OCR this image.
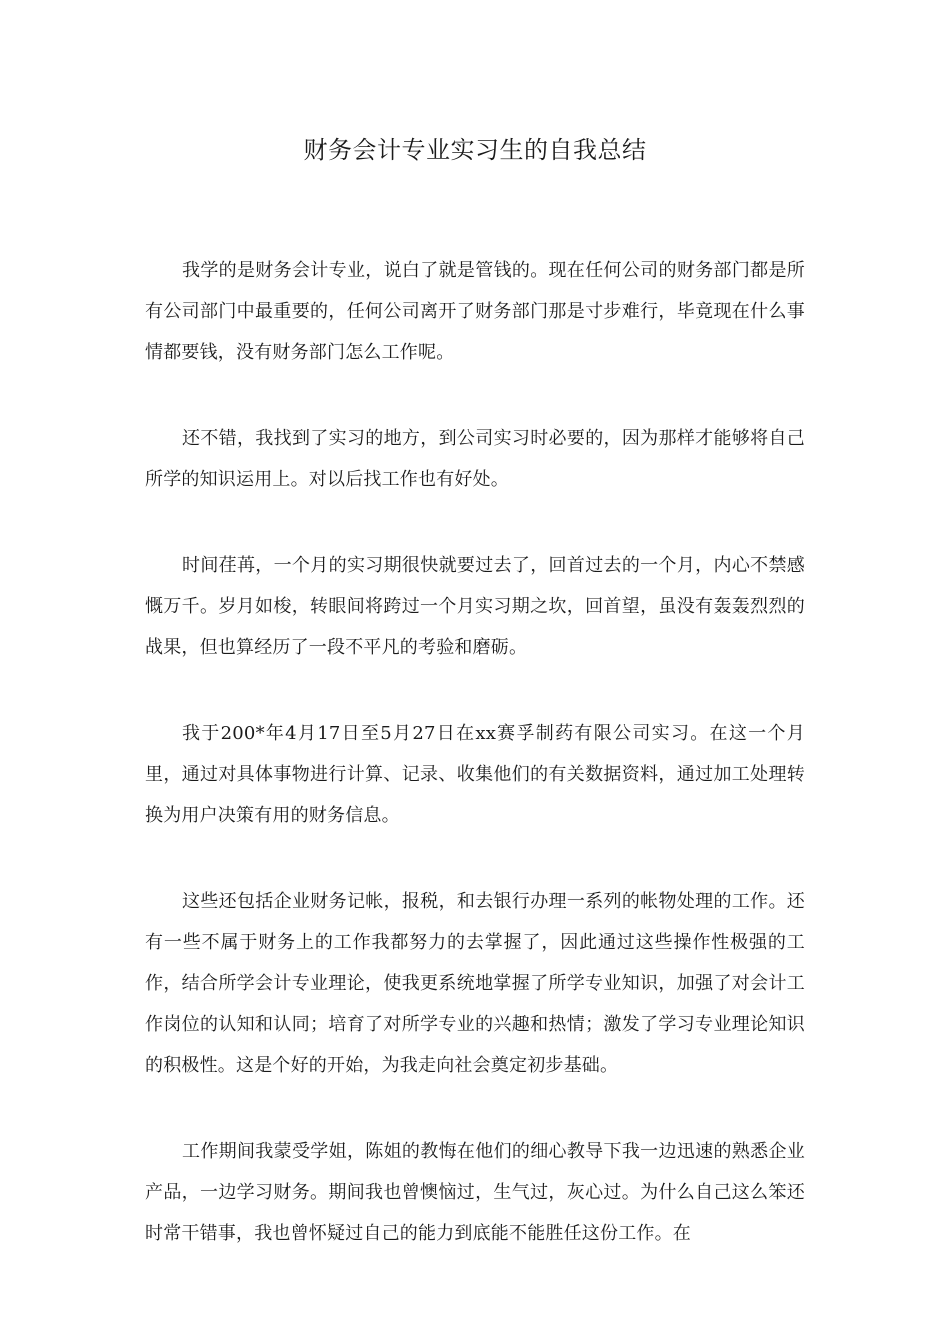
财务会计专业实习生的自我总结

我学的是财务会计专业，说白了就是管钱的。现在任何公司的财务部门都是所有公司部门中最重要的，任何公司离开了财务部门那是寸步难行，毕竟现在什么事情都要钱，没有财务部门怎么工作呢。

还不错，我找到了实习的地方，到公司实习时必要的，因为那样才能够将自己所学的知识运用上。对以后找工作也有好处。

时间荏苒，一个月的实习期很快就要过去了，回首过去的一个月，内心不禁感慨万千。岁月如梭，转眼间将跨过一个月实习期之坎，回首望，虽没有轰轰烈烈的战果，但也算经历了一段不平凡的考验和磨砺。

我于200*年4月17日至5月27日在xx赛孚制药有限公司实习。在这一个月里，通过对具体事物进行计算、记录、收集他们的有关数据资料，通过加工处理转换为用户决策有用的财务信息。

这些还包括企业财务记帐，报税，和去银行办理一系列的帐物处理的工作。还有一些不属于财务上的工作我都努力的去掌握了，因此通过这些操作性极强的工作，结合所学会计专业理论，使我更系统地掌握了所学专业知识，加强了对会计工作岗位的认知和认同；培育了对所学专业的兴趣和热情；激发了学习专业理论知识的积极性。这是个好的开始，为我走向社会奠定初步基础。

工作期间我蒙受学姐，陈姐的教悔在他们的细心教导下我一边迅速的熟悉企业产品，一边学习财务。期间我也曾懊恼过，生气过，灰心过。为什么自己这么笨还时常干错事，我也曾怀疑过自己的能力到底能不能胜任这份工作。在
